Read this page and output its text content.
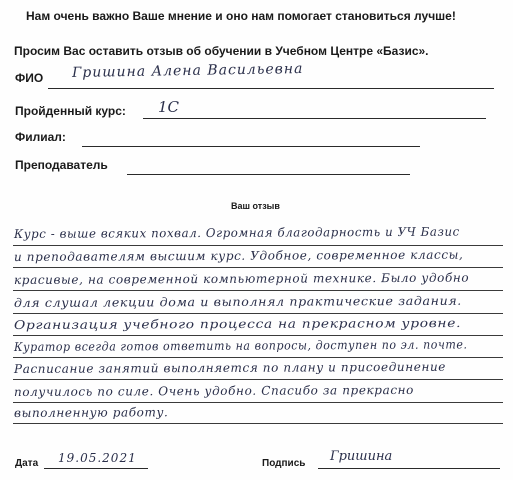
Нам очень важно Ваше мнение и оно нам помогает становиться лучше!
Просим Вас оставить отзыв об обучении в Учебном Центре «Базис».
ФИО Гришина Алена Васильевна
Пройденный курс: 1С
Филиал:
Преподаватель
Ваш отзыв
Курс - выше всяких похвал. Огромная благодарность и УЧ Базис
и преподавателям высшим курс. Удобное, современное классы,
красивые, на современной компьютерной технике. Было удобно
для слушал лекции дома и выполнял практические задания.
Организация учебного процесса на прекрасном уровне.
Куратор всегда готов ответить на вопросы, доступен по эл. почте.
Расписание занятий выполняется по плану и присоединение
получилось по силе. Очень удобно. Спасибо за прекрасно
выполненную работу.
Дата 19.05.2021	Подпись Гришина
